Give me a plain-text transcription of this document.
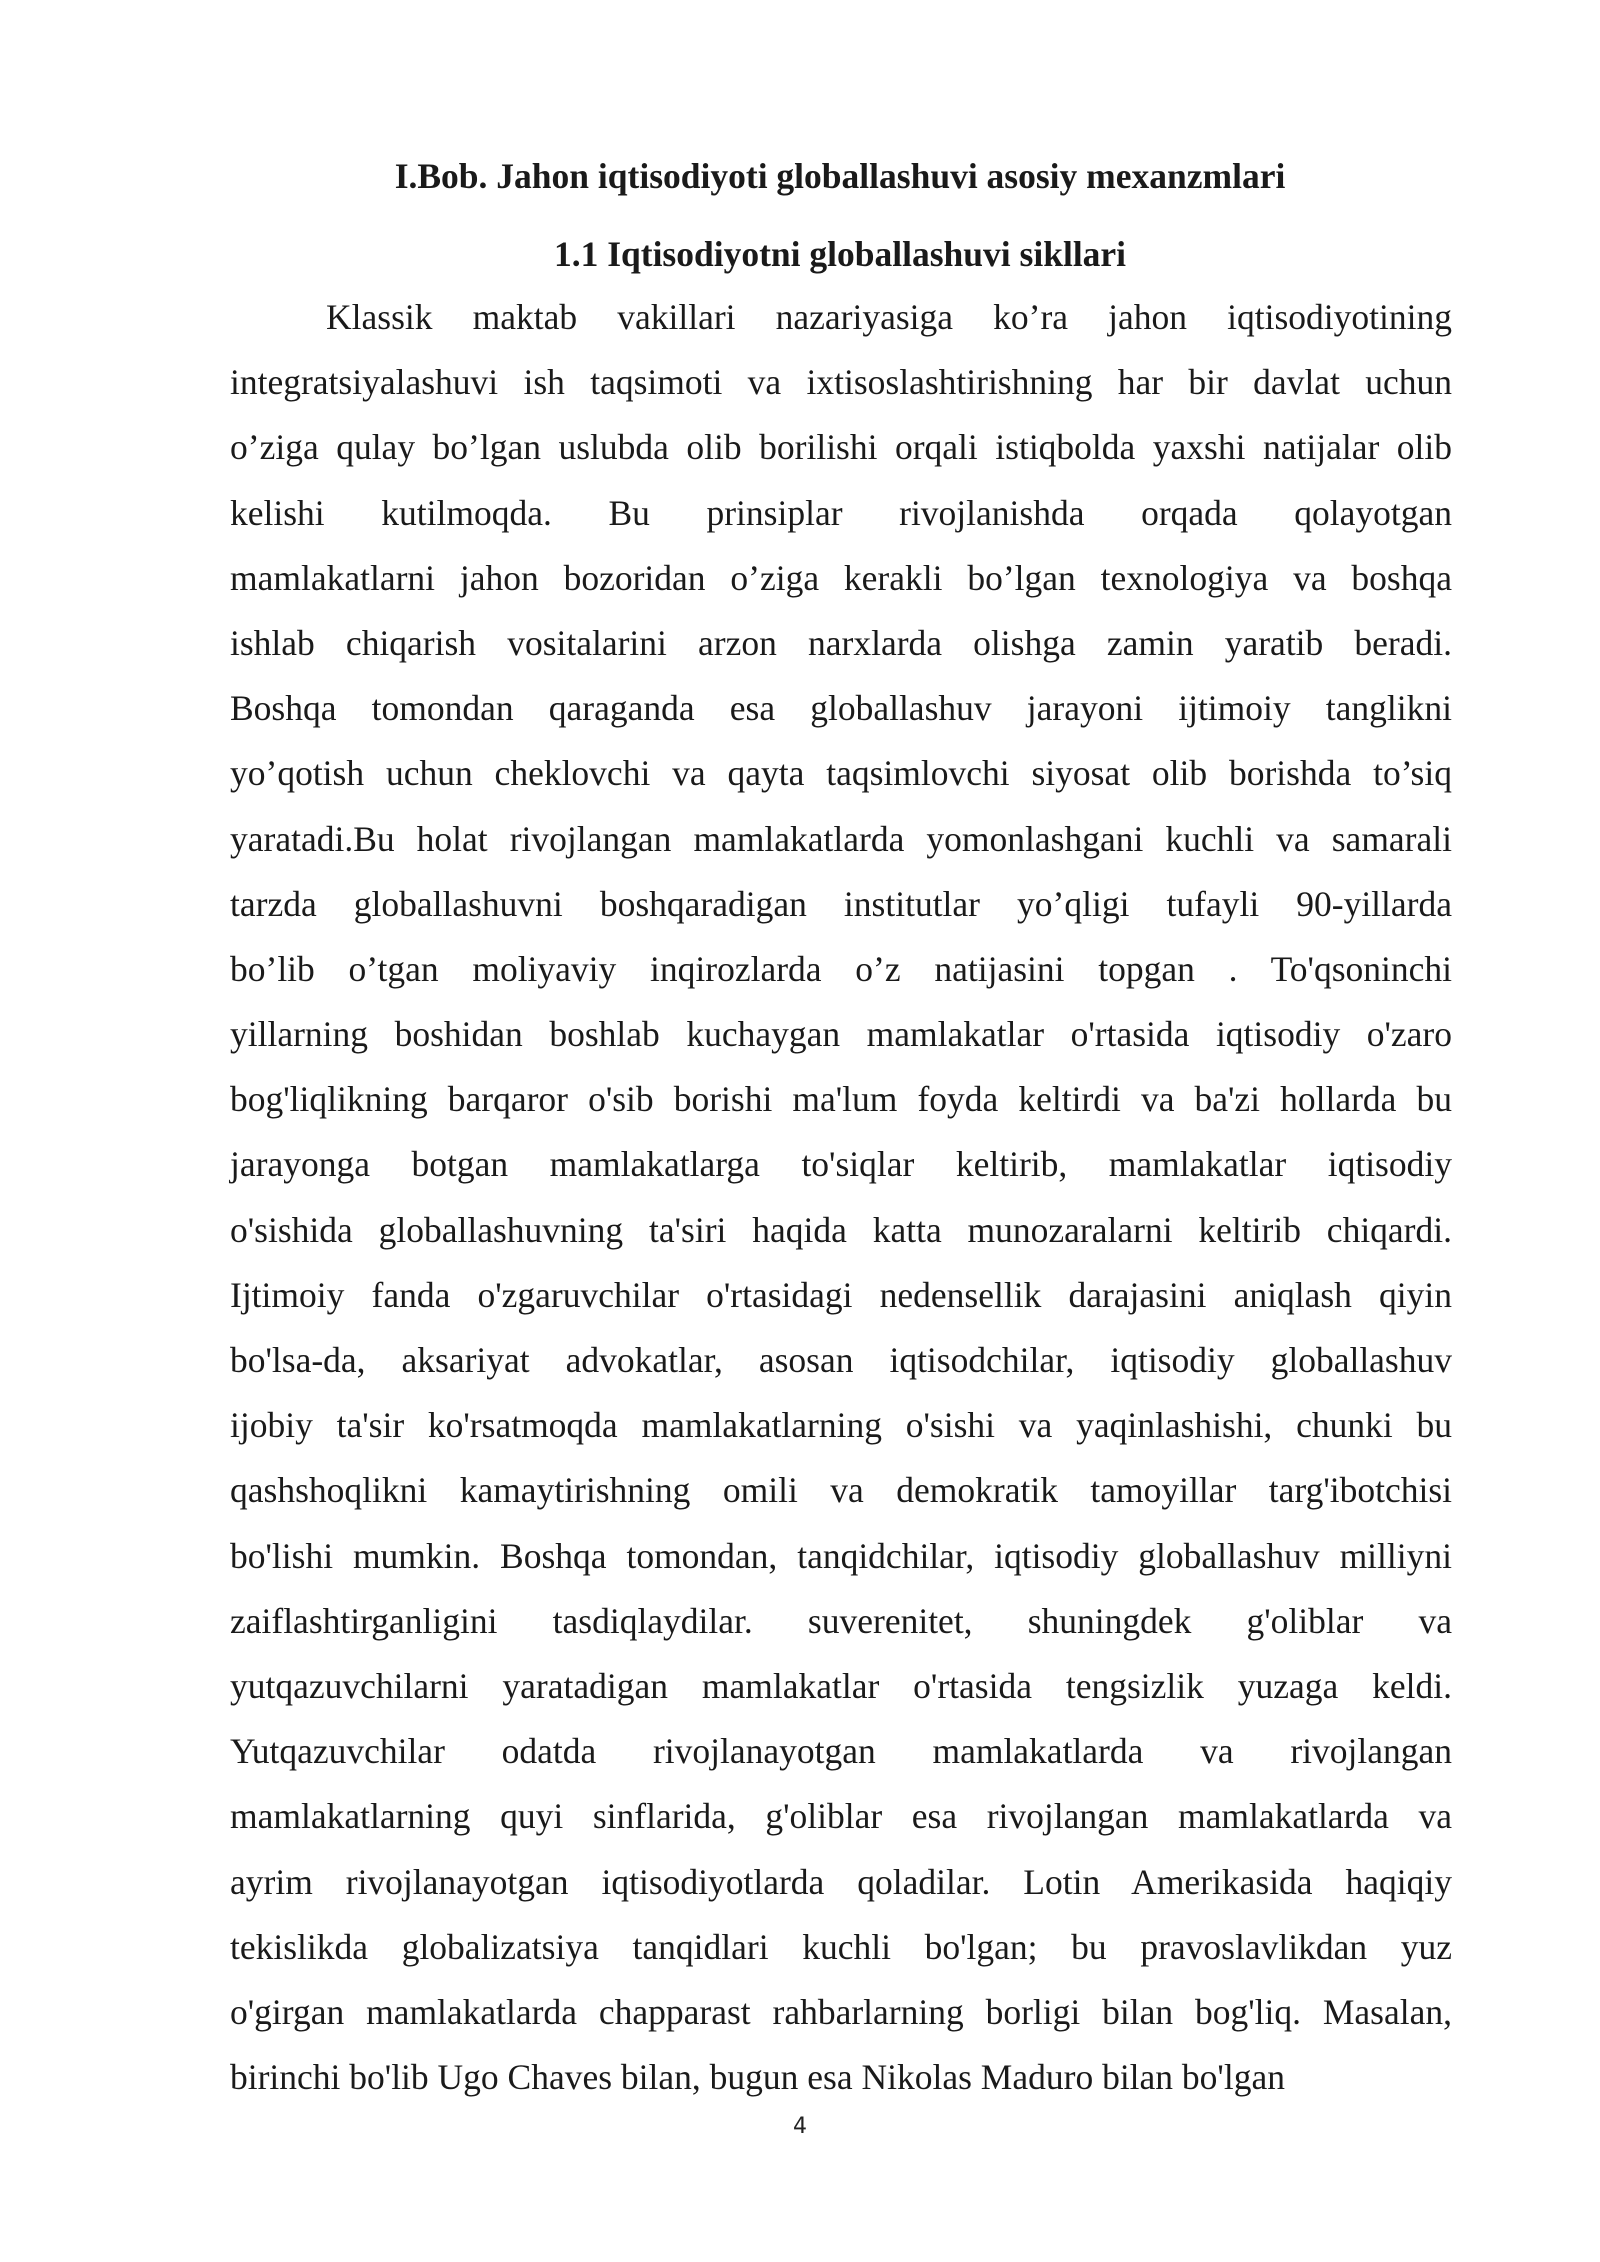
I.Bob. Jahon iqtisodiyoti globallashuvi asosiy mexanzmlari
1.1 Iqtisodiyotni globallashuvi sikllari
Klassik maktab vakillari nazariyasiga ko’ra jahon iqtisodiyotining
integratsiyalashuvi ish taqsimoti va ixtisoslashtirishning har bir davlat uchun
o’ziga qulay bo’lgan uslubda olib borilishi orqali istiqbolda yaxshi natijalar olib
kelishi kutilmoqda. Bu prinsiplar rivojlanishda orqada qolayotgan
mamlakatlarni jahon bozoridan o’ziga kerakli bo’lgan texnologiya va boshqa
ishlab chiqarish vositalarini arzon narxlarda olishga zamin yaratib beradi.
Boshqa tomondan qaraganda esa globallashuv jarayoni ijtimoiy tanglikni
yo’qotish uchun cheklovchi va qayta taqsimlovchi siyosat olib borishda to’siq
yaratadi.Bu holat rivojlangan mamlakatlarda yomonlashgani kuchli va samarali
tarzda globallashuvni boshqaradigan institutlar yo’qligi tufayli 90-yillarda
bo’lib o’tgan moliyaviy inqirozlarda o’z natijasini topgan . To'qsoninchi
yillarning boshidan boshlab kuchaygan mamlakatlar o'rtasida iqtisodiy o'zaro
bog'liqlikning barqaror o'sib borishi ma'lum foyda keltirdi va ba'zi hollarda bu
jarayonga botgan mamlakatlarga to'siqlar keltirib, mamlakatlar iqtisodiy
o'sishida globallashuvning ta'siri haqida katta munozaralarni keltirib chiqardi.
Ijtimoiy fanda o'zgaruvchilar o'rtasidagi nedensellik darajasini aniqlash qiyin
bo'lsa-da, aksariyat advokatlar, asosan iqtisodchilar, iqtisodiy globallashuv
ijobiy ta'sir ko'rsatmoqda mamlakatlarning o'sishi va yaqinlashishi, chunki bu
qashshoqlikni kamaytirishning omili va demokratik tamoyillar targ'ibotchisi
bo'lishi mumkin. Boshqa tomondan, tanqidchilar, iqtisodiy globallashuv milliyni
zaiflashtirganligini tasdiqlaydilar. suverenitet, shuningdek g'oliblar va
yutqazuvchilarni yaratadigan mamlakatlar o'rtasida tengsizlik yuzaga keldi.
Yutqazuvchilar odatda rivojlanayotgan mamlakatlarda va rivojlangan
mamlakatlarning quyi sinflarida, g'oliblar esa rivojlangan mamlakatlarda va
ayrim rivojlanayotgan iqtisodiyotlarda qoladilar. Lotin Amerikasida haqiqiy
tekislikda globalizatsiya tanqidlari kuchli bo'lgan; bu pravoslavlikdan yuz
o'girgan mamlakatlarda chapparast rahbarlarning borligi bilan bog'liq. Masalan,
birinchi bo'lib Ugo Chaves bilan, bugun esa Nikolas Maduro bilan bo'lgan
4
